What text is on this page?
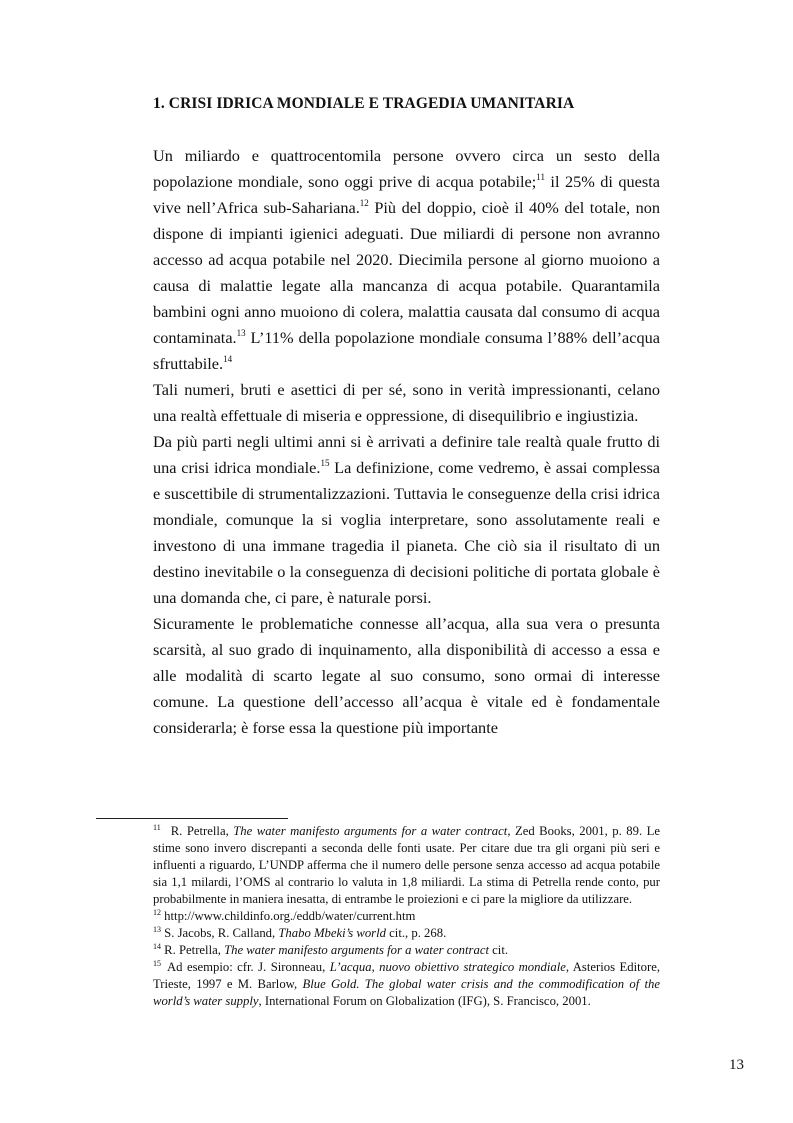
1. CRISI IDRICA MONDIALE E TRAGEDIA UMANITARIA

Un miliardo e quattrocentomila persone ovvero circa un sesto della popolazione mondiale, sono oggi prive di acqua potabile;$^{11}$ il 25% di questa vive nell’Africa sub-Sahariana.$^{12}$ Più del doppio, cioè il 40% del totale, non dispone di impianti igienici adeguati. Due miliardi di persone non avranno accesso ad acqua potabile nel 2020. Diecimila persone al giorno muoiono a causa di malattie legate alla mancanza di acqua potabile. Quarantamila bambini ogni anno muoiono di colera, malattia causata dal consumo di acqua contaminata.$^{13}$ L’11% della popolazione mondiale consuma l’88% dell’acqua sfruttabile.$^{14}$

Tali numeri, bruti e asettici di per sé, sono in verità impressionanti, celano una realtà effettuale di miseria e oppressione, di disequilibrio e ingiustizia.

Da più parti negli ultimi anni si è arrivati a definire tale realtà quale frutto di una crisi idrica mondiale.$^{15}$ La definizione, come vedremo, è assai complessa e suscettibile di strumentalizzazioni. Tuttavia le conseguenze della crisi idrica mondiale, comunque la si voglia interpretare, sono assolutamente reali e investono di una immane tragedia il pianeta. Che ciò sia il risultato di un destino inevitabile o la conseguenza di decisioni politiche di portata globale è una domanda che, ci pare, è naturale porsi.

Sicuramente le problematiche connesse all’acqua, alla sua vera o presunta scarsità, al suo grado di inquinamento, alla disponibilità di accesso a essa e alle modalità di scarto legate al suo consumo, sono ormai di interesse comune. La questione dell’accesso all’acqua è vitale ed è fondamentale considerarla; è forse essa la questione più importante

$^{11}$ R. Petrella, The water manifesto arguments for a water contract, Zed Books, 2001, p. 89. Le stime sono invero discrepanti a seconda delle fonti usate. Per citare due tra gli organi più seri e influenti a riguardo, L’UNDP afferma che il numero delle persone senza accesso ad acqua potabile sia 1,1 milardi, l’OMS al contrario lo valuta in 1,8 miliardi. La stima di Petrella rende conto, pur probabilmente in maniera inesatta, di entrambe le proiezioni e ci pare la migliore da utilizzare.

$^{12}$ http://www.childinfo.org./eddb/water/current.htm

$^{13}$ S. Jacobs, R. Calland, Thabo Mbeki’s world cit., p. 268.

$^{14}$ R. Petrella, The water manifesto arguments for a water contract cit.

$^{15}$ Ad esempio: cfr. J. Sironneau, L’acqua, nuovo obiettivo strategico mondiale, Asterios Editore, Trieste, 1997 e M. Barlow, Blue Gold. The global water crisis and the commodification of the world’s water supply, International Forum on Globalization (IFG), S. Francisco, 2001.

13
